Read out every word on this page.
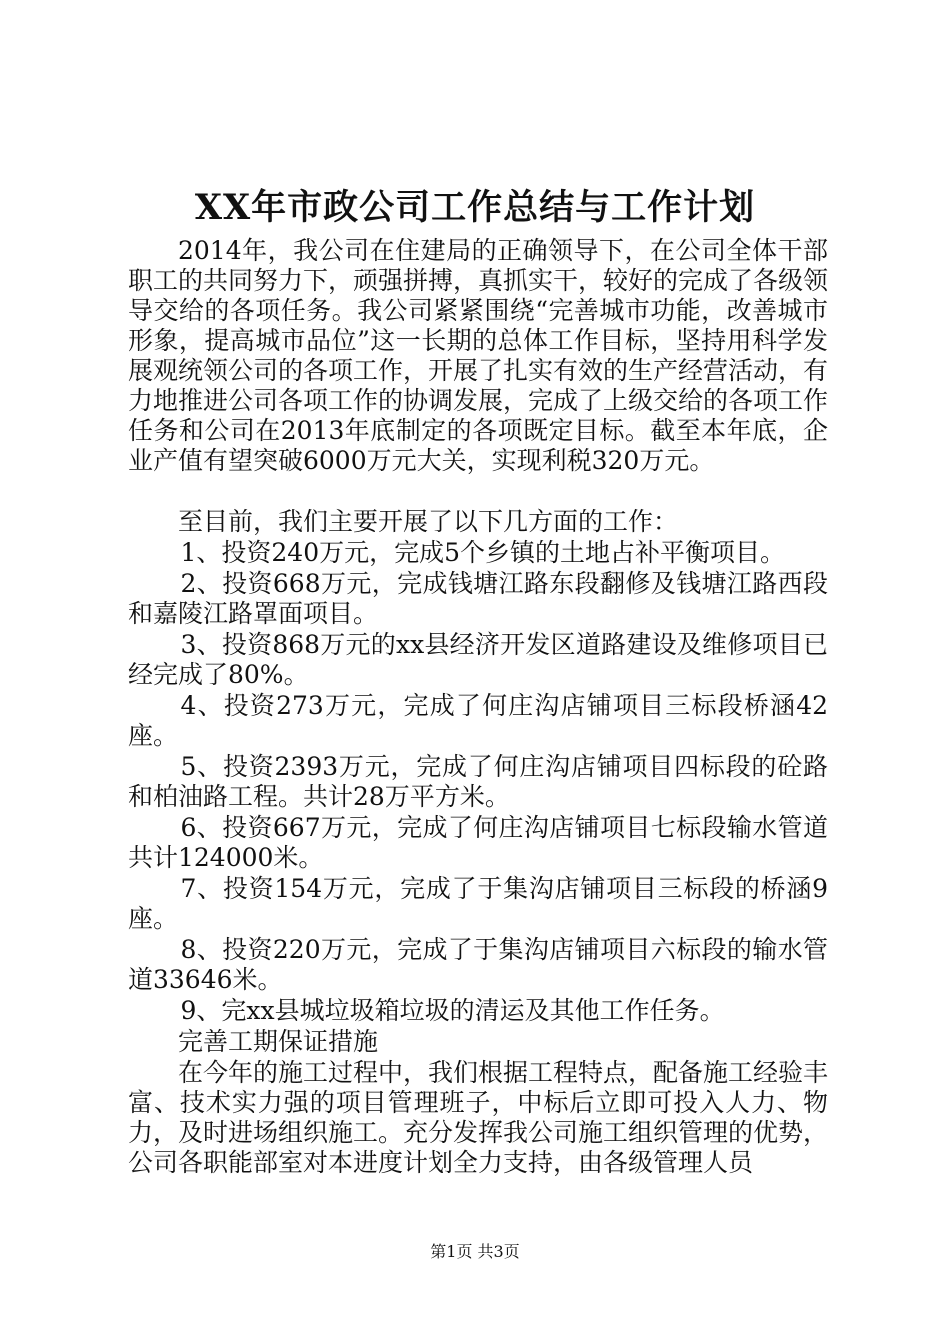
XX年市政公司工作总结与工作计划

2014年，我公司在住建局的正确领导下，在公司全体干部职工的共同努力下，顽强拼搏，真抓实干，较好的完成了各级领导交给的各项任务。我公司紧紧围绕“完善城市功能，改善城市形象，提高城市品位”这一长期的总体工作目标，坚持用科学发展观统领公司的各项工作，开展了扎实有效的生产经营活动，有力地推进公司各项工作的协调发展，完成了上级交给的各项工作任务和公司在2013年底制定的各项既定目标。截至本年底，企业产值有望突破6000万元大关，实现利税320万元。

至目前，我们主要开展了以下几方面的工作：

1、投资240万元，完成5个乡镇的土地占补平衡项目。

2、投资668万元，完成钱塘江路东段翻修及钱塘江路西段和嘉陵江路罩面项目。

3、投资868万元的xx县经济开发区道路建设及维修项目已经完成了80%。

4、投资273万元，完成了何庄沟店铺项目三标段桥涵42座。

5、投资2393万元，完成了何庄沟店铺项目四标段的砼路和柏油路工程。共计28万平方米。

6、投资667万元，完成了何庄沟店铺项目七标段输水管道共计124000米。

7、投资154万元，完成了于集沟店铺项目三标段的桥涵9座。

8、投资220万元，完成了于集沟店铺项目六标段的输水管道33646米。

9、完xx县城垃圾箱垃圾的清运及其他工作任务。

完善工期保证措施

在今年的施工过程中，我们根据工程特点，配备施工经验丰富、技术实力强的项目管理班子，中标后立即可投入人力、物力，及时进场组织施工。充分发挥我公司施工组织管理的优势，公司各职能部室对本进度计划全力支持，由各级管理人员

第1页 共3页
